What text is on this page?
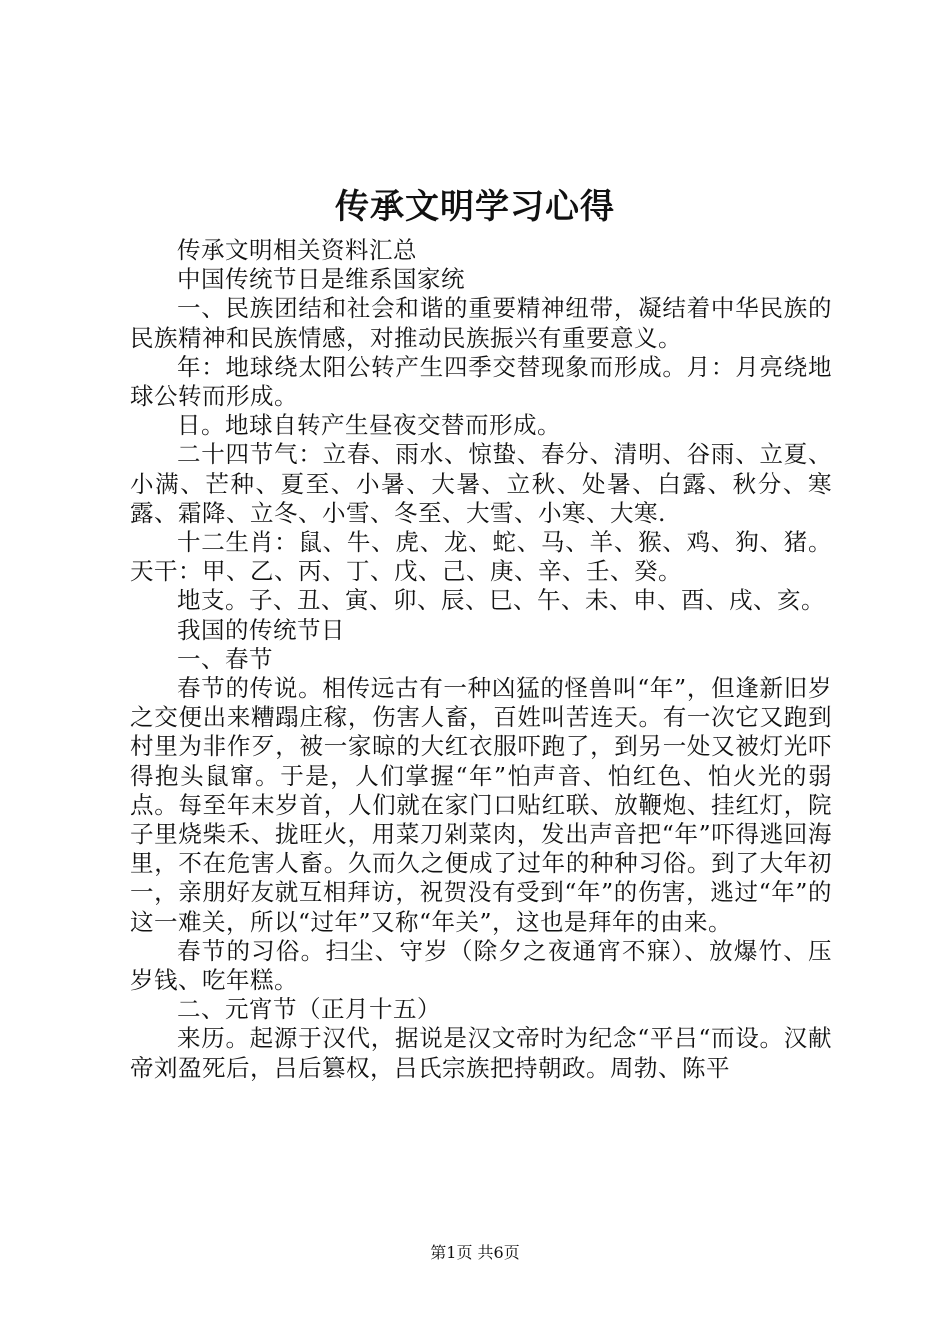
传承文明学习心得

传承文明相关资料汇总

中国传统节日是维系国家统

一、民族团结和社会和谐的重要精神纽带，凝结着中华民族的民族精神和民族情感，对推动民族振兴有重要意义。

年：地球绕太阳公转产生四季交替现象而形成。月：月亮绕地球公转而形成。

日。地球自转产生昼夜交替而形成。

二十四节气：立春、雨水、惊蛰、春分、清明、谷雨、立夏、小满、芒种、夏至、小暑、大暑、立秋、处暑、白露、秋分、寒露、霜降、立冬、小雪、冬至、大雪、小寒、大寒.

十二生肖：鼠、牛、虎、龙、蛇、马、羊、猴、鸡、狗、猪。天干：甲、乙、丙、丁、戊、己、庚、辛、壬、癸。

地支。子、丑、寅、卯、辰、巳、午、未、申、酉、戌、亥。

我国的传统节日

一、春节

春节的传说。相传远古有一种凶猛的怪兽叫“年”，但逢新旧岁之交便出来糟蹋庄稼，伤害人畜，百姓叫苦连天。有一次它又跑到村里为非作歹，被一家晾的大红衣服吓跑了，到另一处又被灯光吓得抱头鼠窜。于是，人们掌握“年”怕声音、怕红色、怕火光的弱点。每至年末岁首，人们就在家门口贴红联、放鞭炮、挂红灯，院子里烧柴禾、拢旺火，用菜刀剁菜肉，发出声音把“年”吓得逃回海里，不在危害人畜。久而久之便成了过年的种种习俗。到了大年初一，亲朋好友就互相拜访，祝贺没有受到“年”的伤害，逃过“年”的这一难关，所以“过年”又称“年关”，这也是拜年的由来。

春节的习俗。扫尘、守岁（除夕之夜通宵不寐）、放爆竹、压岁钱、吃年糕。

二、元宵节（正月十五）

来历。起源于汉代，据说是汉文帝时为纪念“平吕“而设。汉献帝刘盈死后，吕后篡权，吕氏宗族把持朝政。周勃、陈平

第1页 共6页
